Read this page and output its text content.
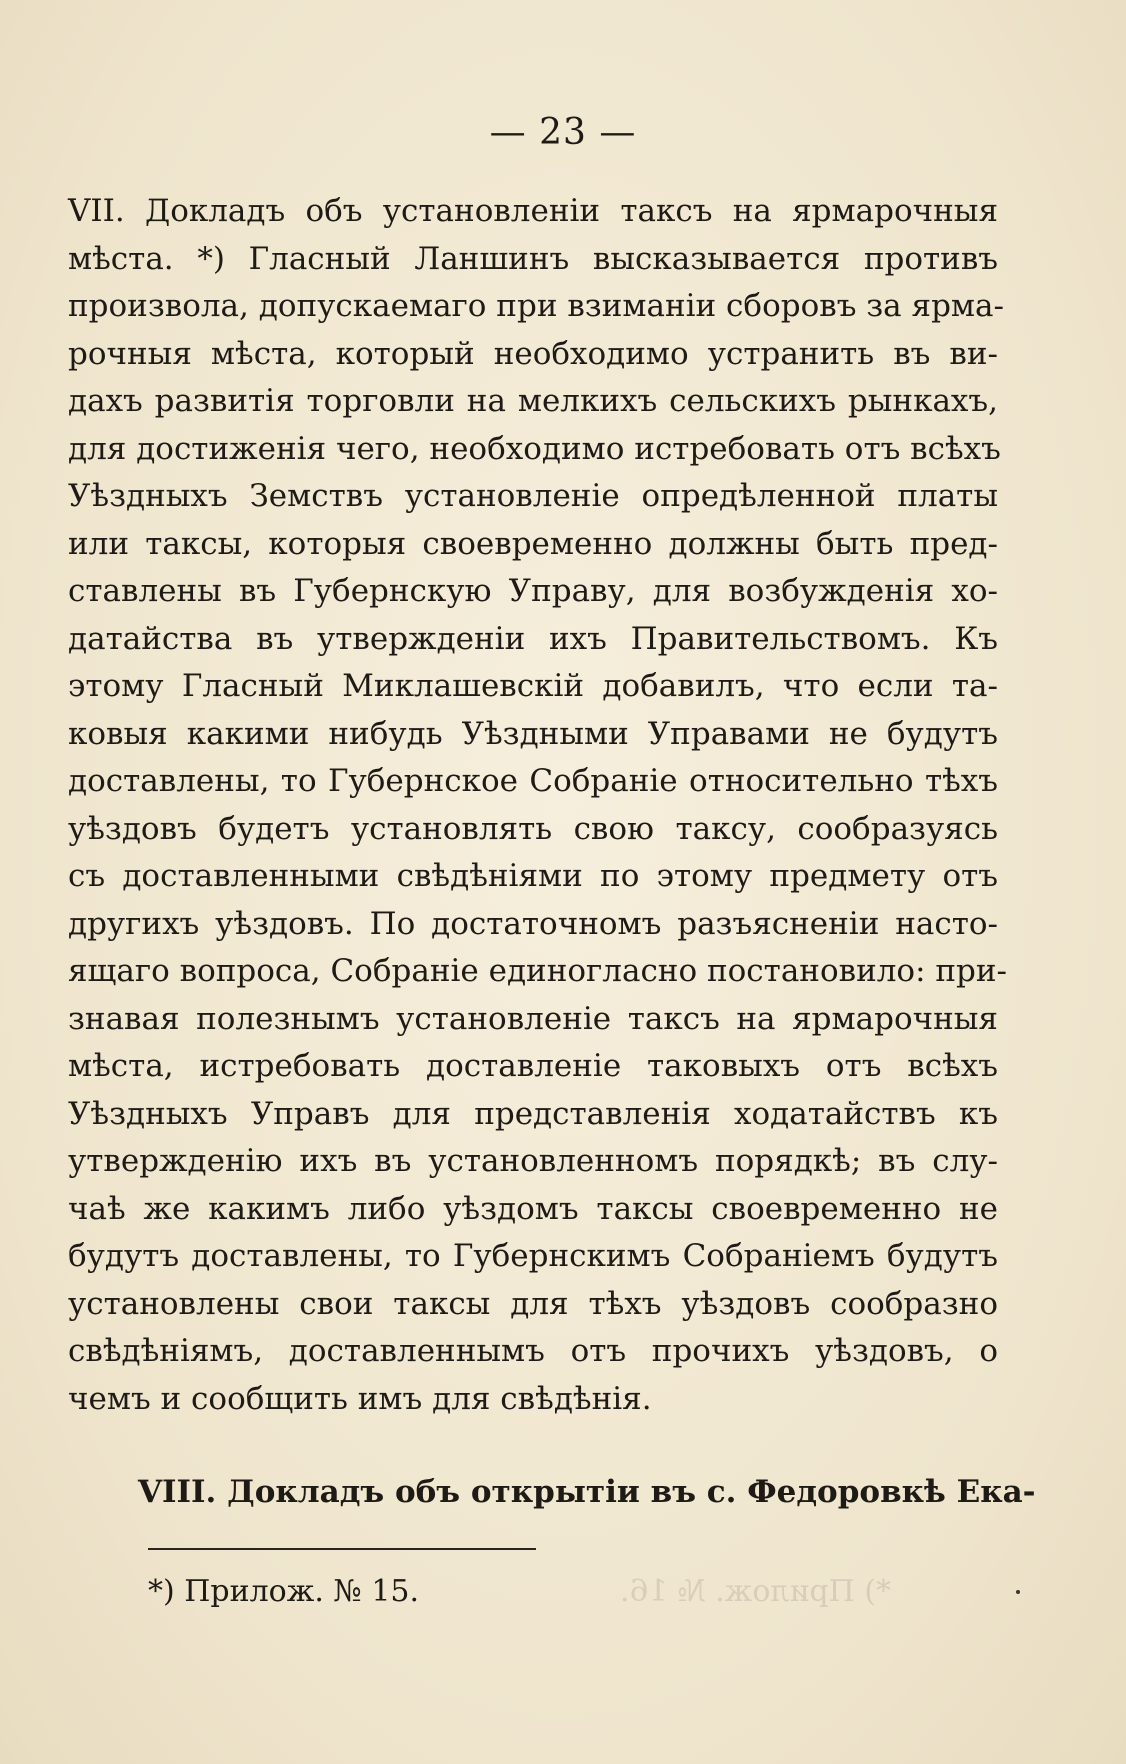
— 23 —
VII. Докладъ объ установленіи таксъ на ярмарочныя
мѣста. *) Гласный Ланшинъ высказывается противъ
произвола, допускаемаго при взиманіи сборовъ за ярма-
рочныя мѣста, который необходимо устранить въ ви-
дахъ развитія торговли на мелкихъ сельскихъ рынкахъ,
для достиженія чего, необходимо истребовать отъ всѣхъ
Уѣздныхъ Земствъ установленіе опредѣленной платы
или таксы, которыя своевременно должны быть пред-
ставлены въ Губернскую Управу, для возбужденія хо-
датайства въ утвержденіи ихъ Правительствомъ. Къ
этому Гласный Миклашевскій добавилъ, что если та-
ковыя какими нибудь Уѣздными Управами не будутъ
доставлены, то Губернское Собраніе относительно тѣхъ
уѣздовъ будетъ установлять свою таксу, сообразуясь
съ доставленными свѣдѣніями по этому предмету отъ
другихъ уѣздовъ. По достаточномъ разъясненіи насто-
ящаго вопроса, Собраніе единогласно постановило: при-
знавая полезнымъ установленіе таксъ на ярмарочныя
мѣста, истребовать доставленіе таковыхъ отъ всѣхъ
Уѣздныхъ Управъ для представленія ходатайствъ къ
утвержденію ихъ въ установленномъ порядкѣ; въ слу-
чаѣ же какимъ либо уѣздомъ таксы своевременно не
будутъ доставлены, то Губернскимъ Собраніемъ будутъ
установлены свои таксы для тѣхъ уѣздовъ сообразно
свѣдѣніямъ, доставленнымъ отъ прочихъ уѣздовъ, о
чемъ и сообщить имъ для свѣдѣнія.
VIII. Докладъ объ открытіи въ с. Федоровкѣ Ека-
*) Прилож. № 15.	*) Прилож. № 16.
